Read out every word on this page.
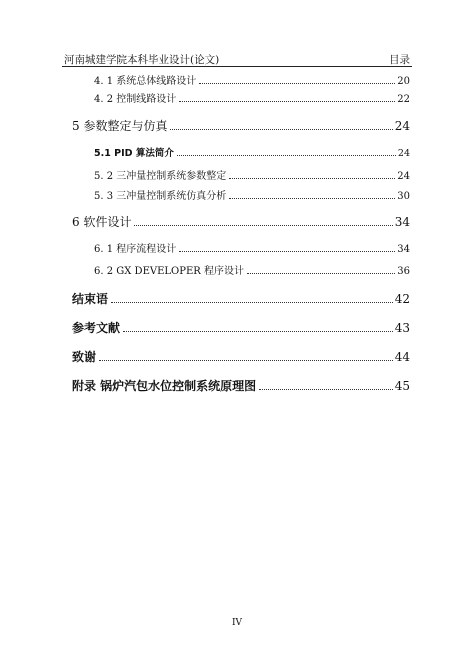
河南城建学院本科毕业设计(论文)	目录
4. 1 系统总体线路设计	20
4. 2 控制线路设计	22
5 参数整定与仿真	24
5.1 PID 算法简介	24
5. 2 三冲量控制系统参数整定	24
5. 3 三冲量控制系统仿真分析	30
6 软件设计	34
6. 1 程序流程设计	34
6. 2 GX DEVELOPER 程序设计	36
结束语	42
参考文献	43
致谢	44
附录 锅炉汽包水位控制系统原理图	45
IV
